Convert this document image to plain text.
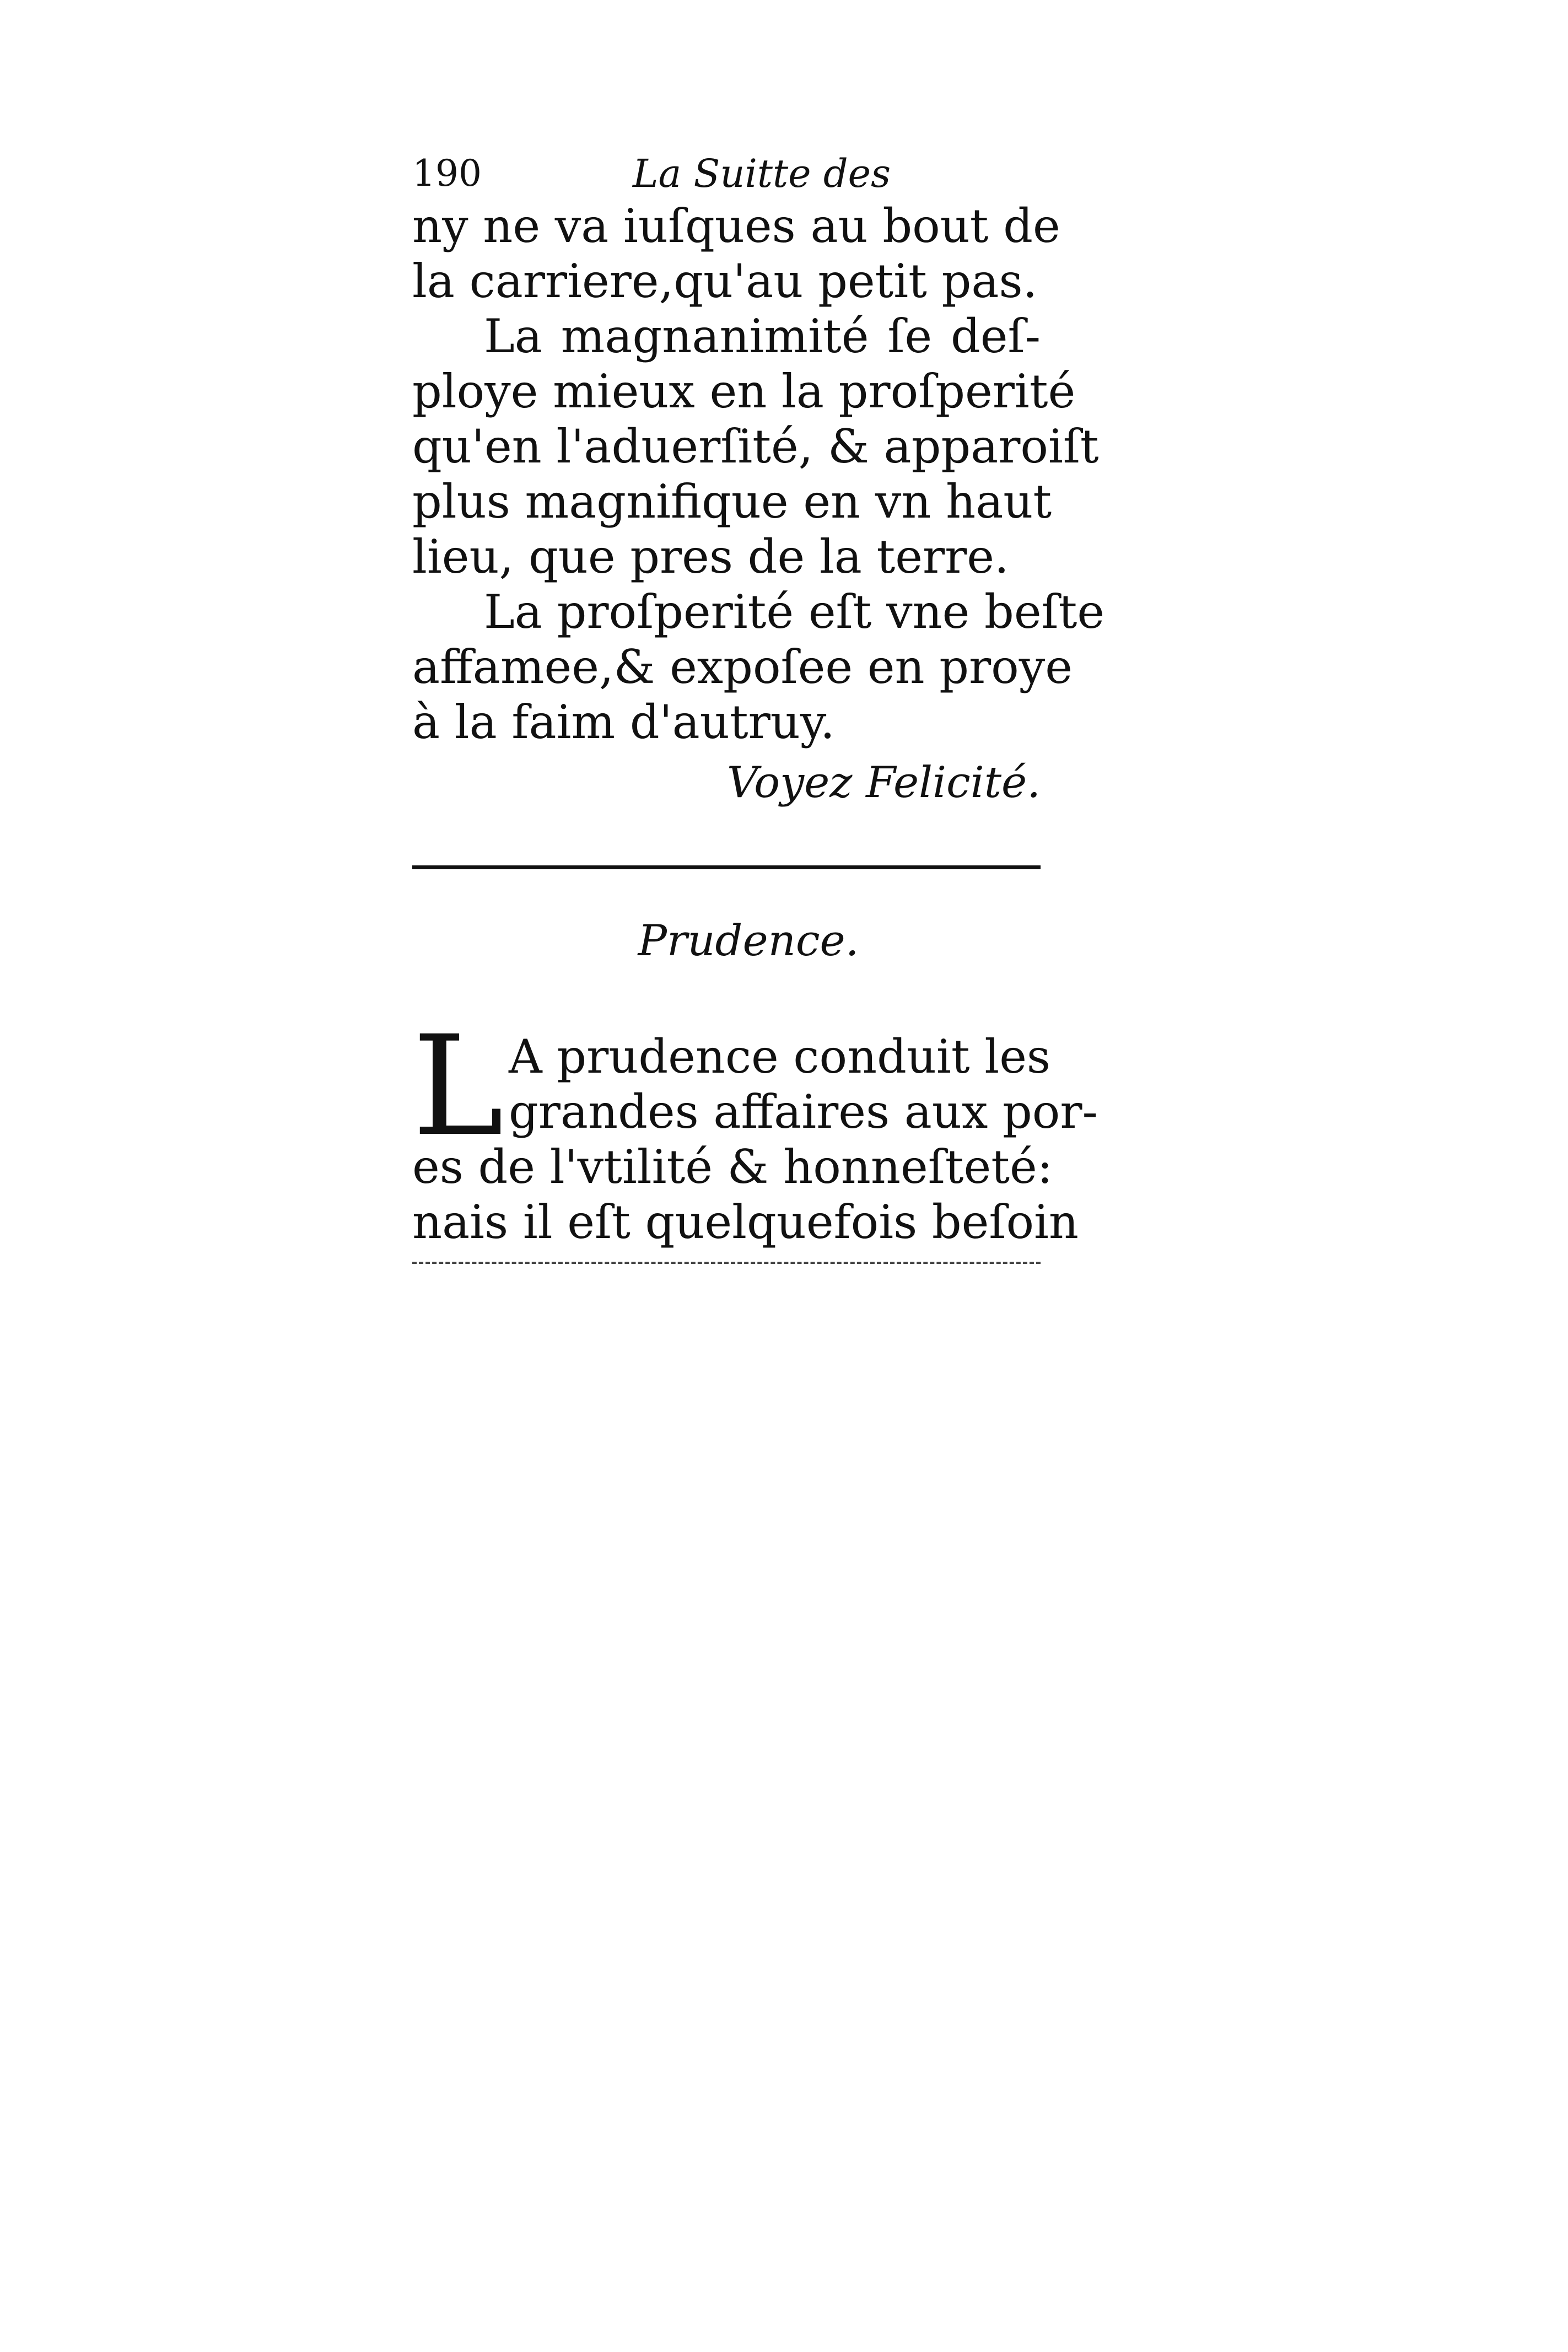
190	La Suitte des
ny ne va iuſques au bout de
la carriere,qu'au petit pas.
La magnanimité ſe deſ-
ploye mieux en la proſperité
qu'en l'aduerſité, & apparoiſt
plus magnifique en vn haut
lieu, que pres de la terre.
La proſperité eſt vne beſte
affamee,& expoſee en proye
à la faim d'autruy.
Voyez Felicité.
Prudence.
L A prudence conduit les
grandes affaires aux por-
es de l'vtilité & honneſteté:
nais il eſt quelquefois beſoin
